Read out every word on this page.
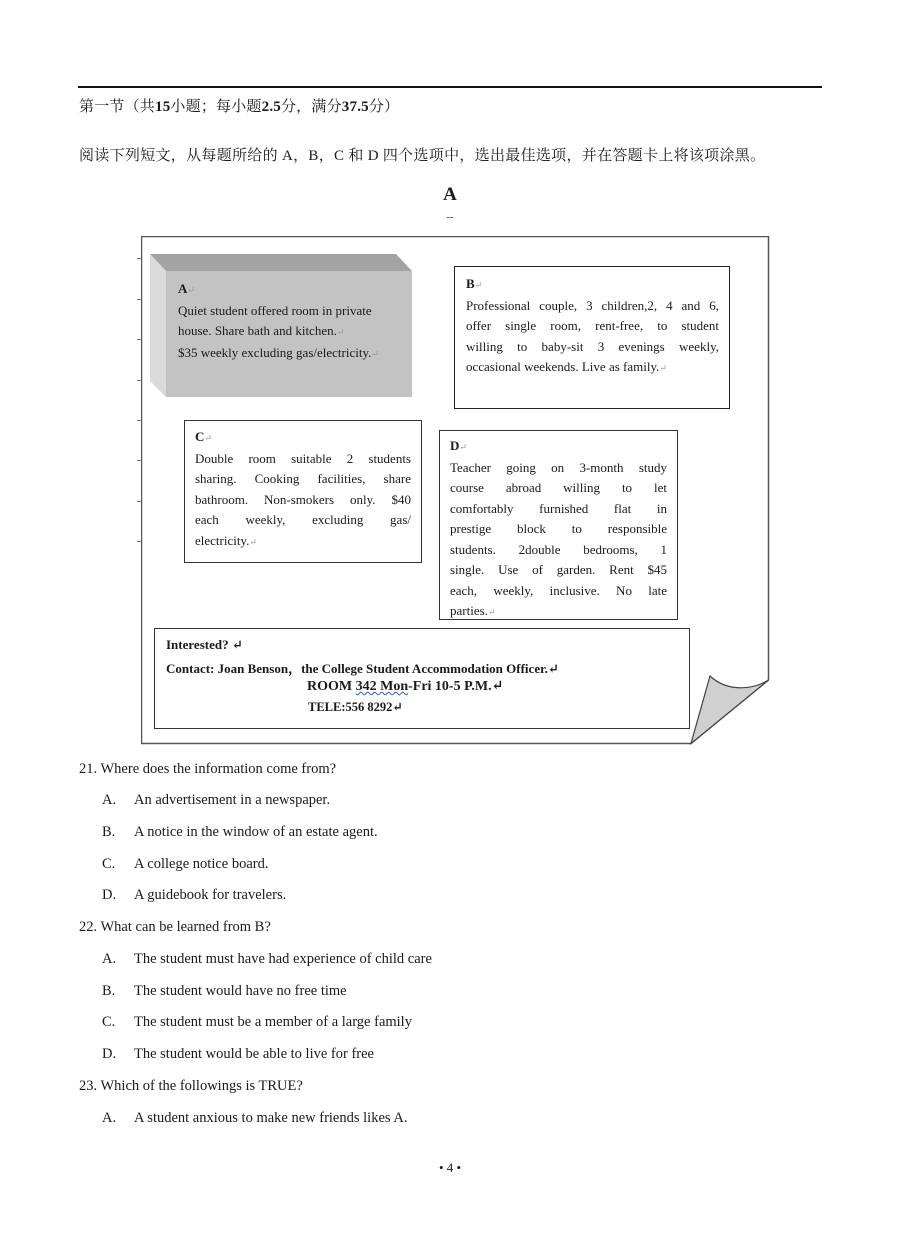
第一节（共15小题；每小题2.5分，满分37.5分）
阅读下列短文，从每题所给的 A，B，C 和 D 四个选项中，选出最佳选项，并在答题卡上将该项涂黑。
A
--
A↵
Quiet student offered room in private
house. Share bath and kitchen.↵
$35 weekly excluding gas/electricity.↵
B↵
Professional couple, 3 children,2, 4 and 6,
offer single room, rent-free, to student
willing to baby-sit 3 evenings weekly,
occasional weekends. Live as family.↵
C↵
Double room suitable 2 students
sharing. Cooking facilities, share
bathroom. Non-smokers only. $40
each weekly, excluding gas/
electricity.↵
D↵
Teacher going on 3-month study
course abroad willing to let
comfortably furnished flat in
prestige block to responsible
students. 2double bedrooms, 1
single. Use of garden. Rent $45
each, weekly, inclusive. No late
parties.↵
Interested? ↵
Contact: Joan Benson，the College Student Accommodation Officer.↵
ROOM 342 Mon-Fri 10-5 P.M.↵
TELE:556 8292↵
21. Where does the information come from?
A. An advertisement in a newspaper.
B. A notice in the window of an estate agent.
C. A college notice board.
D. A guidebook for travelers.
22. What can be learned from B?
A. The student must have had experience of child care
B. The student would have no free time
C. The student must be a member of a large family
D. The student would be able to live for free
23. Which of the followings is TRUE?
A. A student anxious to make new friends likes A.
• 4 •
